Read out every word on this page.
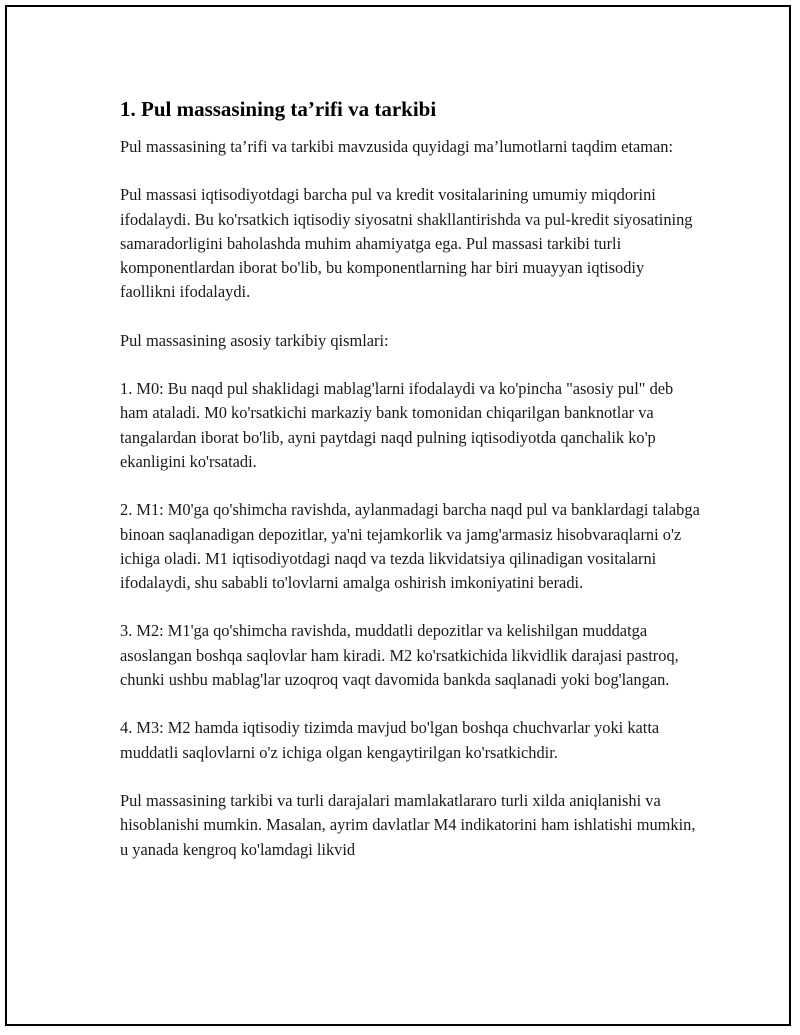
1. Pul massasining ta’rifi va tarkibi

Pul massasining ta’rifi va tarkibi mavzusida quyidagi ma’lumotlarni taqdim etaman:

Pul massasi iqtisodiyotdagi barcha pul va kredit vositalarining umumiy miqdorini ifodalaydi. Bu ko'rsatkich iqtisodiy siyosatni shakllantirishda va pul-kredit siyosatining samaradorligini baholashda muhim ahamiyatga ega. Pul massasi tarkibi turli komponentlardan iborat bo'lib, bu komponentlarning har biri muayyan iqtisodiy faollikni ifodalaydi.

Pul massasining asosiy tarkibiy qismlari:

1. M0: Bu naqd pul shaklidagi mablag'larni ifodalaydi va ko'pincha "asosiy pul" deb ham ataladi. M0 ko'rsatkichi markaziy bank tomonidan chiqarilgan banknotlar va tangalardan iborat bo'lib, ayni paytdagi naqd pulning iqtisodiyotda qanchalik ko'p ekanligini ko'rsatadi.

2. M1: M0'ga qo'shimcha ravishda, aylanmadagi barcha naqd pul va banklardagi talabga binoan saqlanadigan depozitlar, ya'ni tejamkorlik va jamg'armasiz hisobvaraqlarni o'z ichiga oladi. M1 iqtisodiyotdagi naqd va tezda likvidatsiya qilinadigan vositalarni ifodalaydi, shu sababli to'lovlarni amalga oshirish imkoniyatini beradi.

3. M2: M1'ga qo'shimcha ravishda, muddatli depozitlar va kelishilgan muddatga asoslangan boshqa saqlovlar ham kiradi. M2 ko'rsatkichida likvidlik darajasi pastroq, chunki ushbu mablag'lar uzoqroq vaqt davomida bankda saqlanadi yoki bog'langan.

4. M3: M2 hamda iqtisodiy tizimda mavjud bo'lgan boshqa chuchvarlar yoki katta muddatli saqlovlarni o'z ichiga olgan kengaytirilgan ko'rsatkichdir.

Pul massasining tarkibi va turli darajalari mamlakatlararo turli xilda aniqlanishi va hisoblanishi mumkin. Masalan, ayrim davlatlar M4 indikatorini ham ishlatishi mumkin, u yanada kengroq ko'lamdagi likvid
